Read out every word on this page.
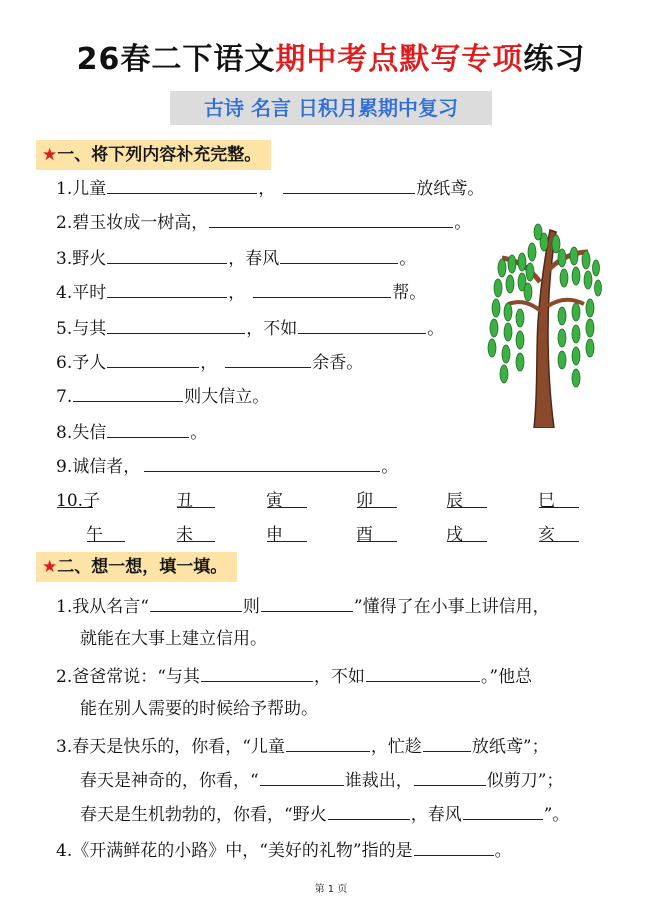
26春二下语文期中考点默写专项练习
古诗 名言 日积月累期中复习
★一、将下列内容补充完整。
1.儿童	，	放纸鸢。
2.碧玉妆成一树高，	。
3.野火	，春风	。
4.平时	，	帮。
5.与其	，不如	。
6.予人	，	余香。
7.	则大信立。
8.失信	。
9.诚信者，	。
10.子	丑	寅	卯	辰	巳
午	未	申	酉	戌	亥
★二、想一想，填一填。
1.我从名言“	则	”懂得了在小事上讲信用，
就能在大事上建立信用。
2.爸爸常说：“与其	，不如	。”他总
能在别人需要的时候给予帮助。
3.春天是快乐的，你看，“儿童	，忙趁	放纸鸢”；
春天是神奇的，你看，“	谁裁出，	似剪刀”；
春天是生机勃勃的，你看，“野火	，春风	”。
4.《开满鲜花的小路》中，“美好的礼物”指的是	。
第 1 页
